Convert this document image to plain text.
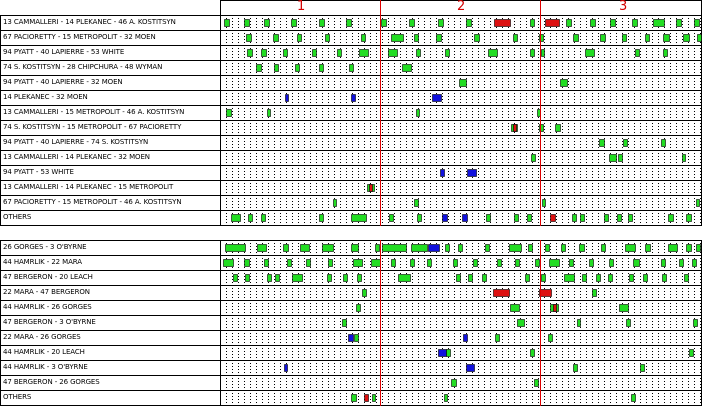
1	2	3
13 CAMMALLERI - 14 PLEKANEC - 46 A. KOSTITSYN
67 PACIORETTY - 15 METROPOLIT - 32 MOEN
94 PYATT - 40 LAPIERRE - 53 WHITE
74 S. KOSTITSYN - 28 CHIPCHURA - 48 WYMAN
94 PYATT - 40 LAPIERRE - 32 MOEN
14 PLEKANEC - 32 MOEN
13 CAMMALLERI - 15 METROPOLIT - 46 A. KOSTITSYN
74 S. KOSTITSYN - 15 METROPOLIT - 67 PACIORETTY
94 PYATT - 40 LAPIERRE - 74 S. KOSTITSYN
13 CAMMALLERI - 14 PLEKANEC - 32 MOEN
94 PYATT - 53 WHITE
13 CAMMALLERI - 14 PLEKANEC - 15 METROPOLIT
67 PACIORETTY - 15 METROPOLIT - 46 A. KOSTITSYN
OTHERS
26 GORGES - 3 O'BYRNE
44 HAMRLIK - 22 MARA
47 BERGERON - 20 LEACH
22 MARA - 47 BERGERON
44 HAMRLIK - 26 GORGES
47 BERGERON - 3 O'BYRNE
22 MARA - 26 GORGES
44 HAMRLIK - 20 LEACH
44 HAMRLIK - 3 O'BYRNE
47 BERGERON - 26 GORGES
OTHERS
